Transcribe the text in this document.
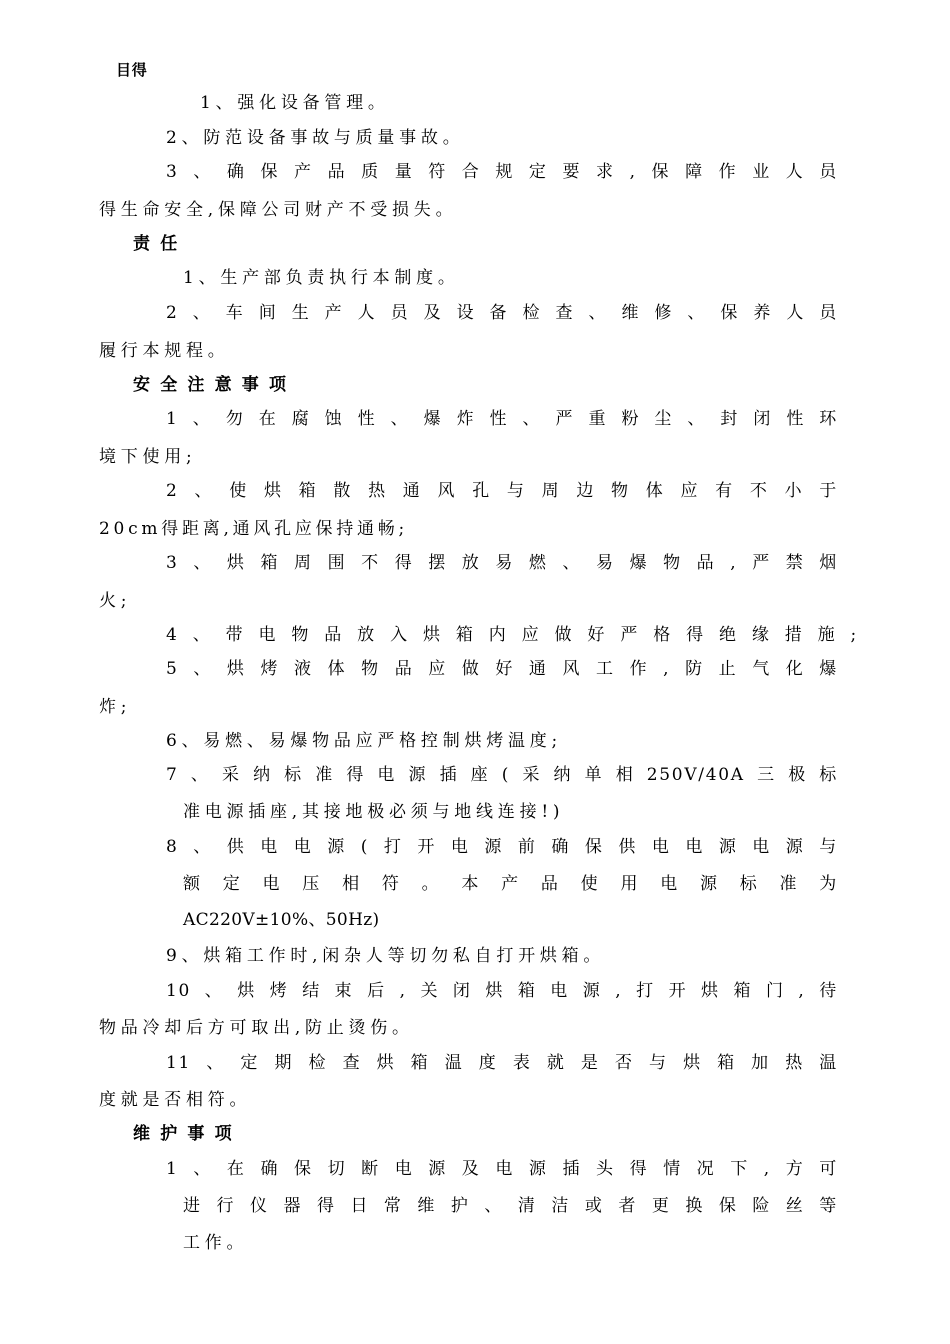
目得
1、强化设备管理。
2、防范设备事故与质量事故。
3、确保产品质量符合规定要求,保障作业人员
得生命安全,保障公司财产不受损失。
责任
1、生产部负责执行本制度。
2、车间生产人员及设备检查、维修、保养人员
履行本规程。
安全注意事项
1、勿在腐蚀性、爆炸性、严重粉尘、封闭性环
境下使用;
2、使烘箱散热通风孔与周边物体应有不小于
20cm得距离,通风孔应保持通畅;
3、烘箱周围不得摆放易燃、易爆物品,严禁烟
火;
4、带电物品放入烘箱内应做好严格得绝缘措施;
5、烘烤液体物品应做好通风工作,防止气化爆
炸;
6、易燃、易爆物品应严格控制烘烤温度;
7、采纳标准得电源插座(采纳单相250V/40A三极标
准电源插座,其接地极必须与地线连接!)
8、供电电源(打开电源前确保供电电源电源与
额定电压相符。本产品使用电源标准为
AC220V±10%、50Hz)
9、烘箱工作时,闲杂人等切勿私自打开烘箱。
10、烘烤结束后,关闭烘箱电源,打开烘箱门,待
物品冷却后方可取出,防止烫伤。
11、定期检查烘箱温度表就是否与烘箱加热温
度就是否相符。
维护事项
1、在确保切断电源及电源插头得情况下,方可
进行仪器得日常维护、清洁或者更换保险丝等
工作。
